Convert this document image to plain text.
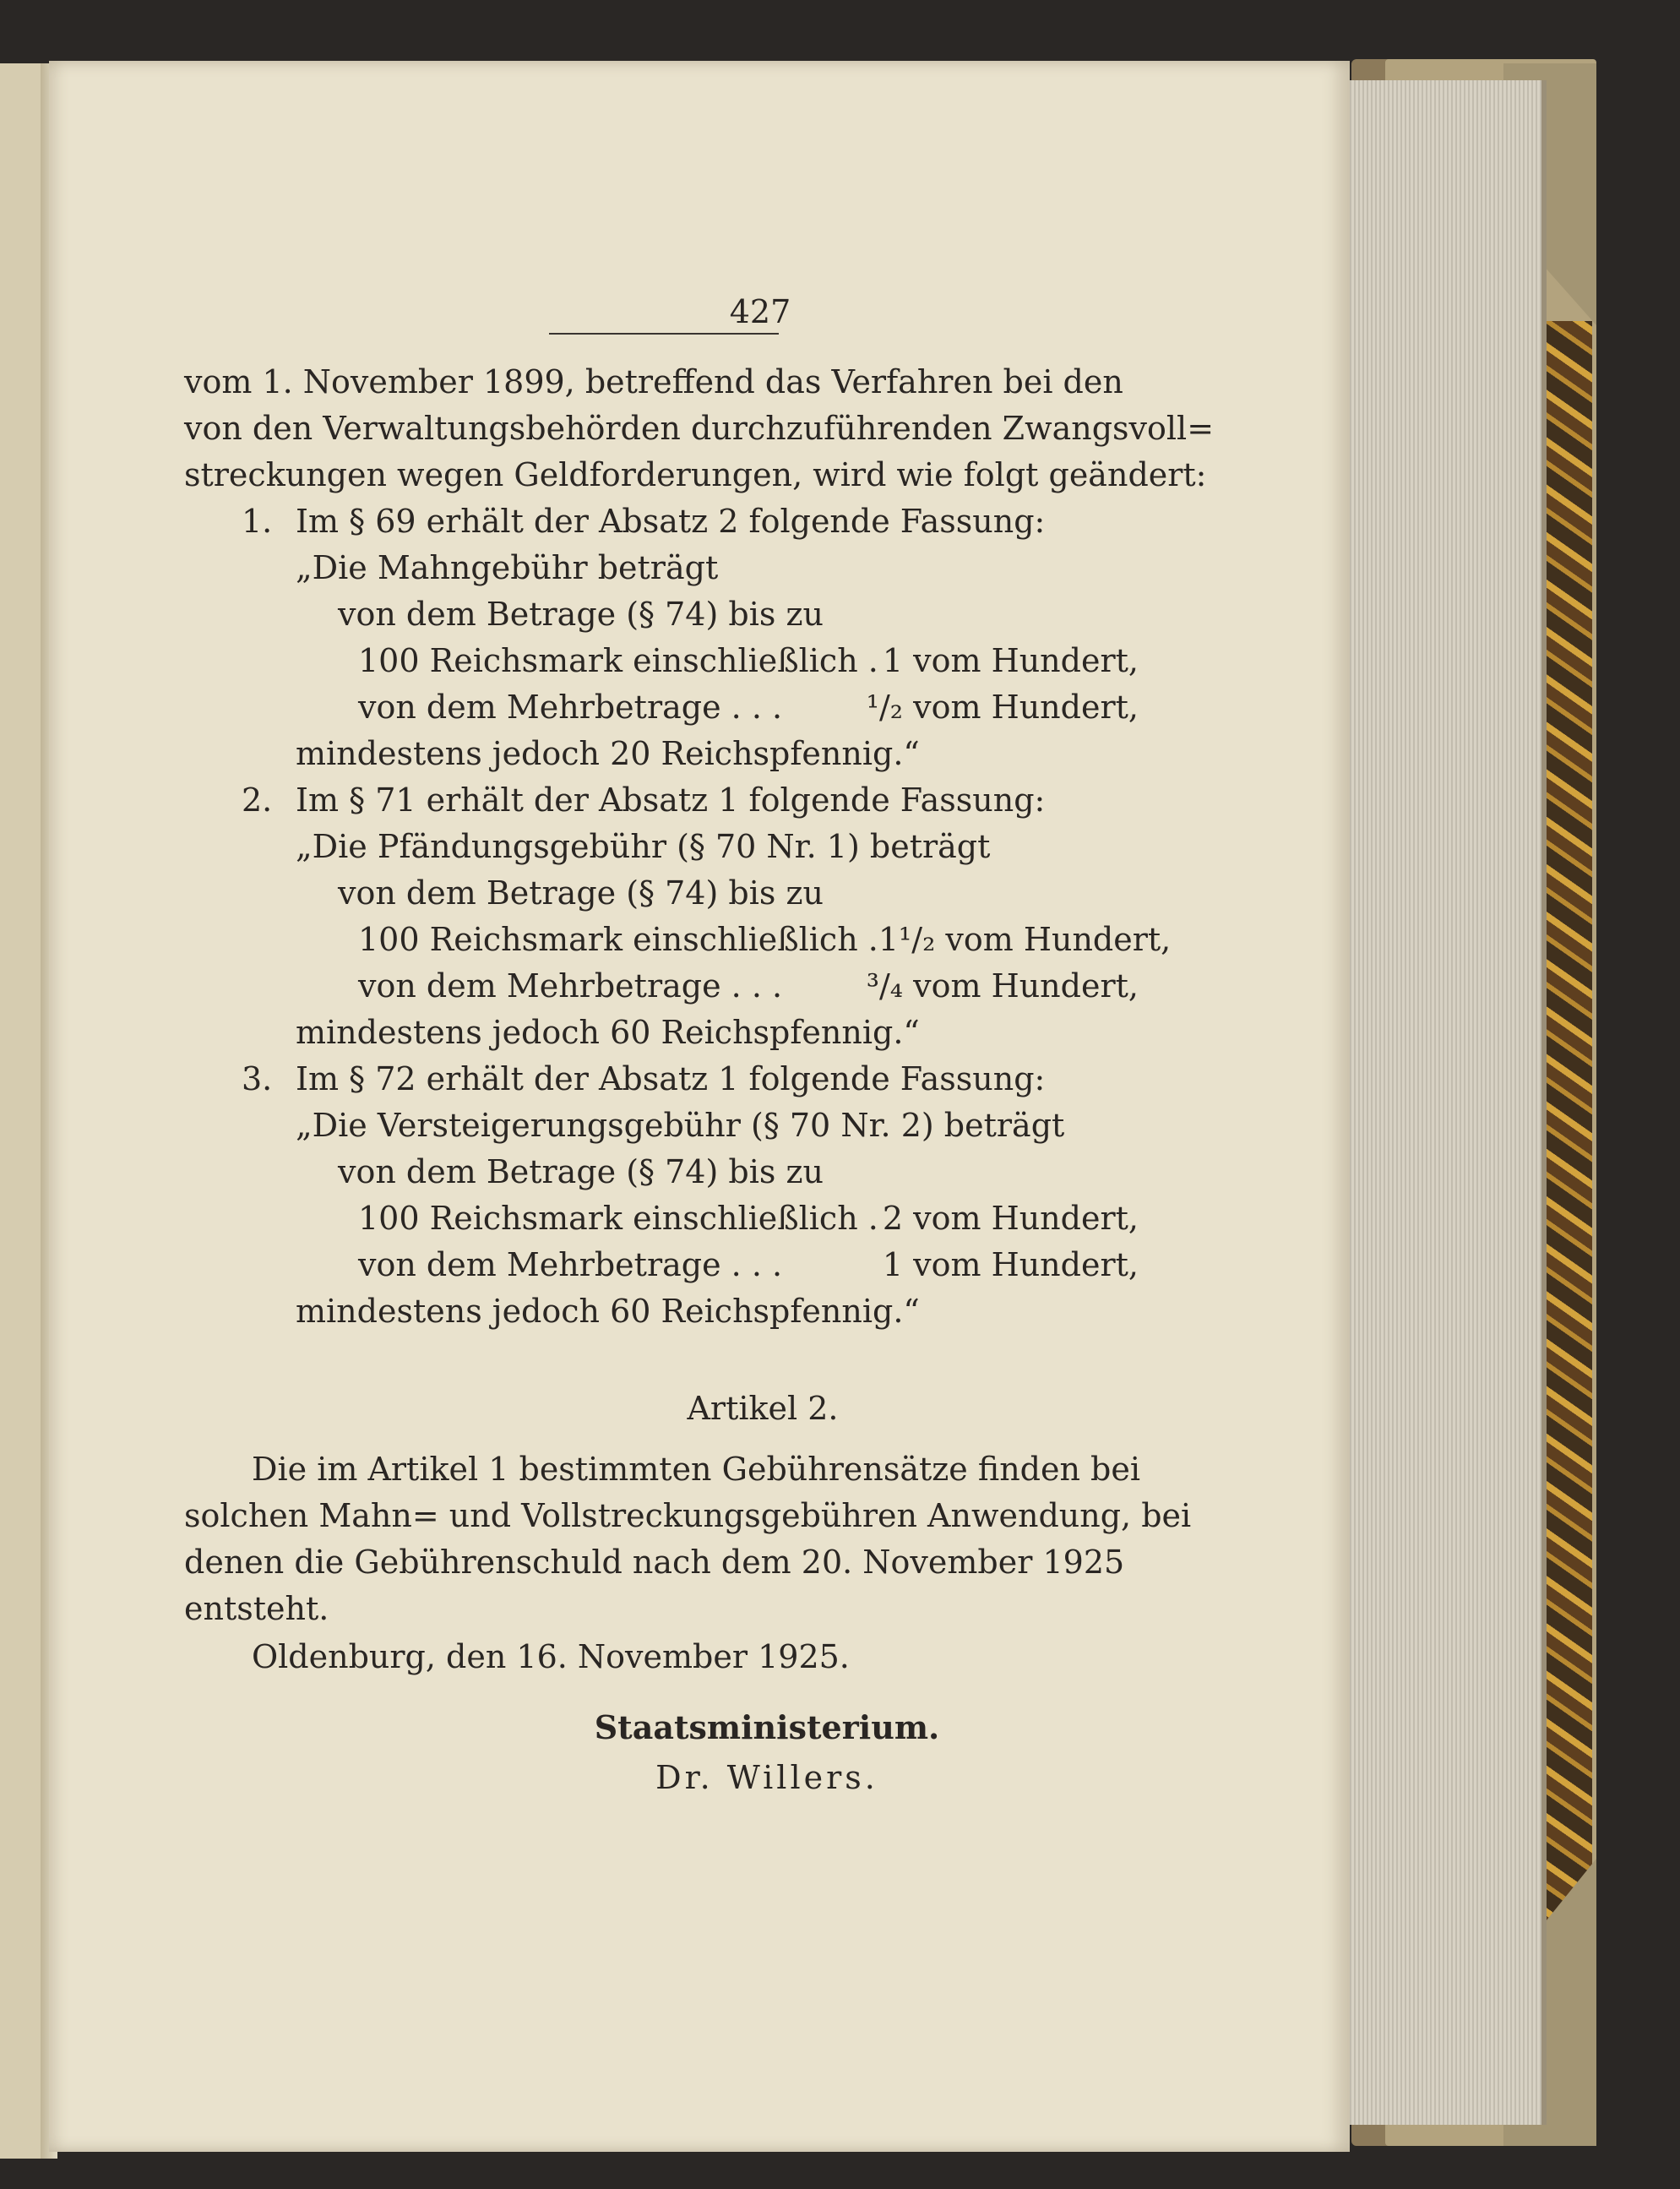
427
vom 1. November 1899, betreffend das Verfahren bei den
von den Verwaltungsbehörden durchzuführenden Zwangsvoll=
streckungen wegen Geldforderungen, wird wie folgt geändert:
1. Im § 69 erhält der Absatz 2 folgende Fassung:
„Die Mahngebühr beträgt
von dem Betrage (§ 74) bis zu
100 Reichsmark einschließlich . 1 vom Hundert,
von dem Mehrbetrage . . .	¹/₂ vom Hundert,
mindestens jedoch 20 Reichspfennig.“
2. Im § 71 erhält der Absatz 1 folgende Fassung:
„Die Pfändungsgebühr (§ 70 Nr. 1) beträgt
von dem Betrage (§ 74) bis zu
100 Reichsmark einschließlich . 1¹/₂ vom Hundert,
von dem Mehrbetrage . . .	³/₄ vom Hundert,
mindestens jedoch 60 Reichspfennig.“
3. Im § 72 erhält der Absatz 1 folgende Fassung:
„Die Versteigerungsgebühr (§ 70 Nr. 2) beträgt
von dem Betrage (§ 74) bis zu
100 Reichsmark einschließlich . 2 vom Hundert,
von dem Mehrbetrage . . .	1 vom Hundert,
mindestens jedoch 60 Reichspfennig.“
Artikel 2.
Die im Artikel 1 bestimmten Gebührensätze finden bei
solchen Mahn= und Vollstreckungsgebühren Anwendung, bei
denen die Gebührenschuld nach dem 20. November 1925
entsteht.
Oldenburg, den 16. November 1925.
Staatsministerium.
Dr. Willers.
